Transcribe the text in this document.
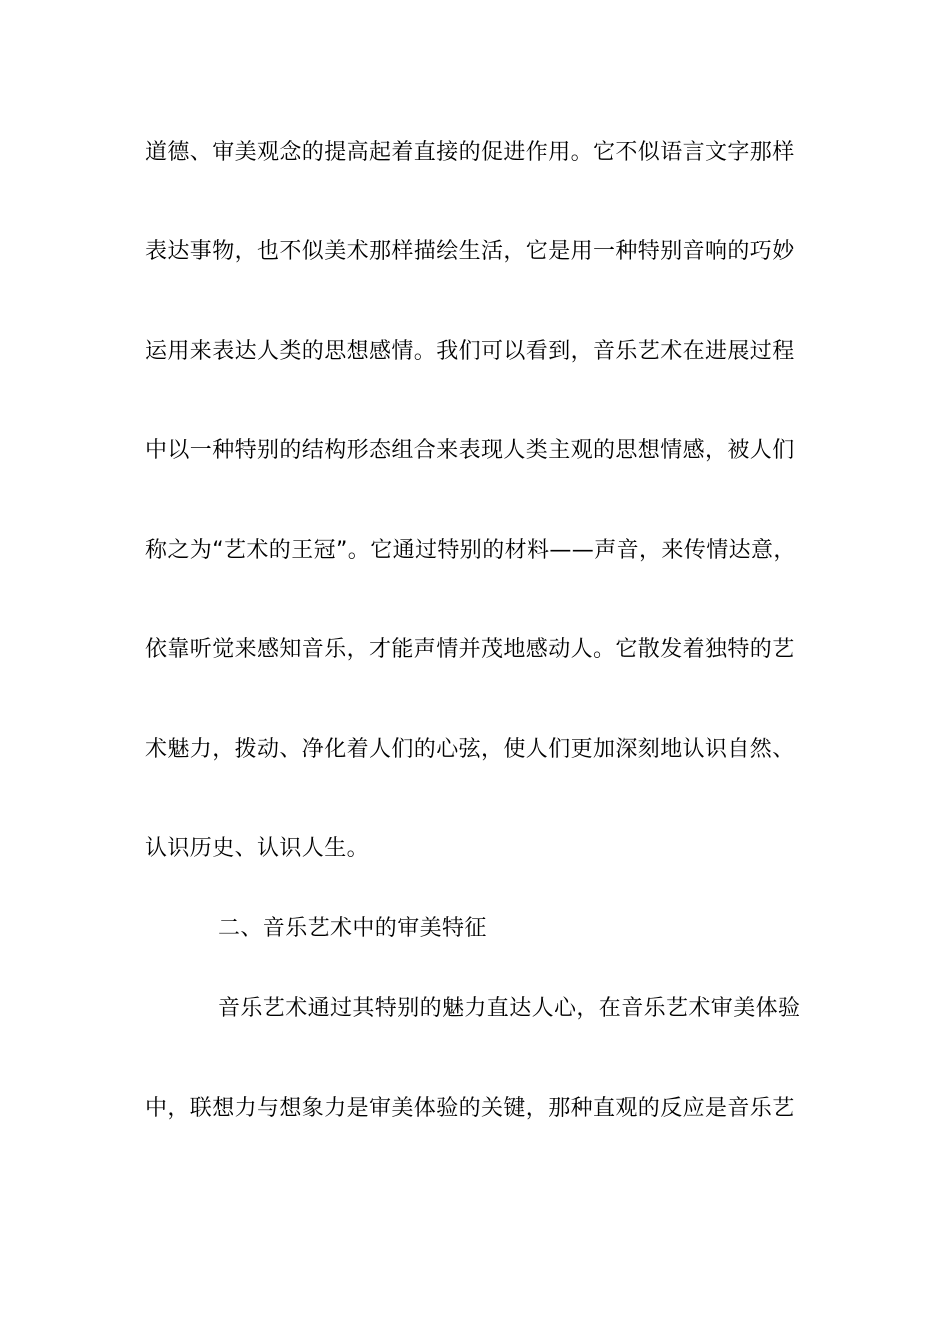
道德、审美观念的提高起着直接的促进作用。它不似语言文字那样
表达事物，也不似美术那样描绘生活，它是用一种特别音响的巧妙
运用来表达人类的思想感情。我们可以看到，音乐艺术在进展过程
中以一种特别的结构形态组合来表现人类主观的思想情感，被人们
称之为“艺术的王冠”。它通过特别的材料——声音，来传情达意，
依靠听觉来感知音乐，才能声情并茂地感动人。它散发着独特的艺
术魅力，拨动、净化着人们的心弦，使人们更加深刻地认识自然、
认识历史、认识人生。
二、音乐艺术中的审美特征
音乐艺术通过其特别的魅力直达人心，在音乐艺术审美体验
中，联想力与想象力是审美体验的关键，那种直观的反应是音乐艺
